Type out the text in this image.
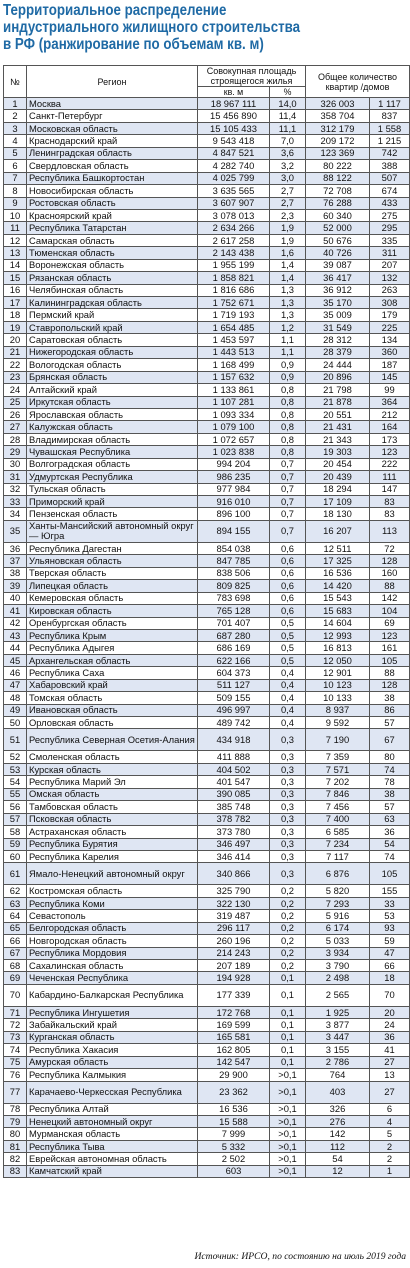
Территориальное распределение
индустриального жилищного строительства
в РФ (ранжирование по объемам кв. м)
№	Регион	Совокупная площадь строящегося жилья		Общее количество квартир /домов	
		кв. м	%		
1	Москва	18 967 111	14,0	326 003	1 117
2	Санкт-Петербург	15 456 890	11,4	358 704	837
3	Московская область	15 105 433	11,1	312 179	1 558
4	Краснодарский край	9 543 418	7,0	209 172	1 215
5	Ленинградская область	4 847 521	3,6	123 369	742
6	Свердловская область	4 282 740	3,2	80 222	388
7	Республика Башкортостан	4 025 799	3,0	88 122	507
8	Новосибирская область	3 635 565	2,7	72 708	674
9	Ростовская область	3 607 907	2,7	76 288	433
10	Красноярский край	3 078 013	2,3	60 340	275
11	Республика Татарстан	2 634 266	1,9	52 000	295
12	Самарская область	2 617 258	1,9	50 676	335
13	Тюменская область	2 143 438	1,6	40 726	311
14	Воронежская область	1 955 199	1,4	39 087	207
15	Рязанская область	1 858 821	1,4	36 417	132
16	Челябинская область	1 816 686	1,3	36 912	263
17	Калининградская область	1 752 671	1,3	35 170	308
18	Пермский край	1 719 193	1,3	35 009	179
19	Ставропольский край	1 654 485	1,2	31 549	225
20	Саратовская область	1 453 597	1,1	28 312	134
21	Нижегородская область	1 443 513	1,1	28 379	360
22	Вологодская область	1 168 499	0,9	24 444	187
23	Брянская область	1 157 632	0,9	20 896	145
24	Алтайский край	1 133 861	0,8	21 798	99
25	Иркутская область	1 107 281	0,8	21 878	364
26	Ярославская область	1 093 334	0,8	20 551	212
27	Калужская область	1 079 100	0,8	21 431	164
28	Владимирская область	1 072 657	0,8	21 343	173
29	Чувашская Республика	1 023 838	0,8	19 303	123
30	Волгоградская область	994 204	0,7	20 454	222
31	Удмуртская Республика	986 235	0,7	20 439	111
32	Тульская область	977 984	0,7	18 294	147
33	Приморский край	916 010	0,7	17 109	83
34	Пензенская область	896 100	0,7	18 130	83
35	Ханты-Мансийский автономный округ — Югра	894 155	0,7	16 207	113
36	Республика Дагестан	854 038	0,6	12 511	72
37	Ульяновская область	847 785	0,6	17 325	128
38	Тверская область	838 506	0,6	16 536	160
39	Липецкая область	809 825	0,6	14 420	88
40	Кемеровская область	783 698	0,6	15 543	142
41	Кировская область	765 128	0,6	15 683	104
42	Оренбургская область	701 407	0,5	14 604	69
43	Республика Крым	687 280	0,5	12 993	123
44	Республика Адыгея	686 169	0,5	16 813	161
45	Архангельская область	622 166	0,5	12 050	105
46	Республика Саха	604 373	0,4	12 901	88
47	Хабаровский край	511 127	0,4	10 123	128
48	Томская область	509 155	0,4	10 133	38
49	Ивановская область	496 997	0,4	8 937	86
50	Орловская область	489 742	0,4	9 592	57
51	Республика Северная Осетия-Алания	434 918	0,3	7 190	67
52	Смоленская область	411 888	0,3	7 359	80
53	Курская область	404 502	0,3	7 571	74
54	Республика Марий Эл	401 547	0,3	7 202	78
55	Омская область	390 085	0,3	7 846	38
56	Тамбовская область	385 748	0,3	7 456	57
57	Псковская область	378 782	0,3	7 400	63
58	Астраханская область	373 780	0,3	6 585	36
59	Республика Бурятия	346 497	0,3	7 234	54
60	Республика Карелия	346 414	0,3	7 117	74
61	Ямало-Ненецкий автономный округ	340 866	0,3	6 876	105
62	Костромская область	325 790	0,2	5 820	155
63	Республика Коми	322 130	0,2	7 293	33
64	Севастополь	319 487	0,2	5 916	53
65	Белгородская область	296 117	0,2	6 174	93
66	Новгородская область	260 196	0,2	5 033	59
67	Республика Мордовия	214 243	0,2	3 934	47
68	Сахалинская область	207 189	0,2	3 790	66
69	Чеченская Республика	194 928	0,1	2 498	18
70	Кабардино-Балкарская Республика	177 339	0,1	2 565	70
71	Республика Ингушетия	172 768	0,1	1 925	20
72	Забайкальский край	169 599	0,1	3 877	24
73	Курганская область	165 581	0,1	3 447	36
74	Республика Хакасия	162 805	0,1	3 155	41
75	Амурская область	142 547	0,1	2 786	27
76	Республика Калмыкия	29 900	>0,1	764	13
77	Карачаево-Черкесская Республика	23 362	>0,1	403	27
78	Республика Алтай	16 536	>0,1	326	6
79	Ненецкий автономный округ	15 588	>0,1	276	4
80	Мурманская область	7 999	>0,1	142	5
81	Республика Тыва	5 332	>0,1	112	2
82	Еврейская автономная область	2 502	>0,1	54	2
83	Камчатский край	603	>0,1	12	1
Источник: ИРСО, по состоянию на июль 2019 года
